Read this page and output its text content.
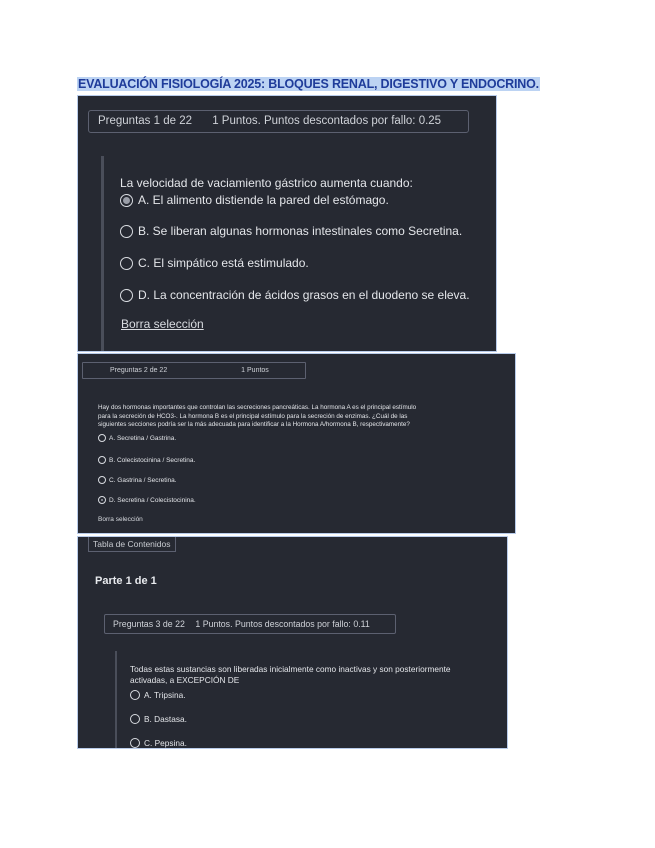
EVALUACIÓN FISIOLOGÍA 2025: BLOQUES RENAL, DIGESTIVO Y ENDOCRINO.
Preguntas 1 de 22 1 Puntos. Puntos descontados por fallo: 0.25
La velocidad de vaciamiento gástrico aumenta cuando:
A. El alimento distiende la pared del estómago.
B. Se liberan algunas hormonas intestinales como Secretina.
C. El simpático está estimulado.
D. La concentración de ácidos grasos en el duodeno se eleva.
Borra selección
Preguntas 2 de 22	1 Puntos
Hay dos hormonas importantes que controlan las secreciones pancreáticas. La hormona A es el principal estímulo
para la secreción de HCO3-. La hormona B es el principal estímulo para la secreción de enzimas. ¿Cuál de las
siguientes secciones podría ser la más adecuada para identificar a la Hormona A/hormona B, respectivamente?
A. Secretina / Gastrina.
B. Colecistocinina / Secretina.
C. Gastrina / Secretina.
D. Secretina / Colecistocinina.
Borra selección
Tabla de Contenidos
Parte 1 de 1
Preguntas 3 de 22 1 Puntos. Puntos descontados por fallo: 0.11
Todas estas sustancias son liberadas inicialmente como inactivas y son posteriormente
activadas, a EXCEPCIÓN DE
A. Tripsina.
B. Dastasa.
C. Pepsina.
